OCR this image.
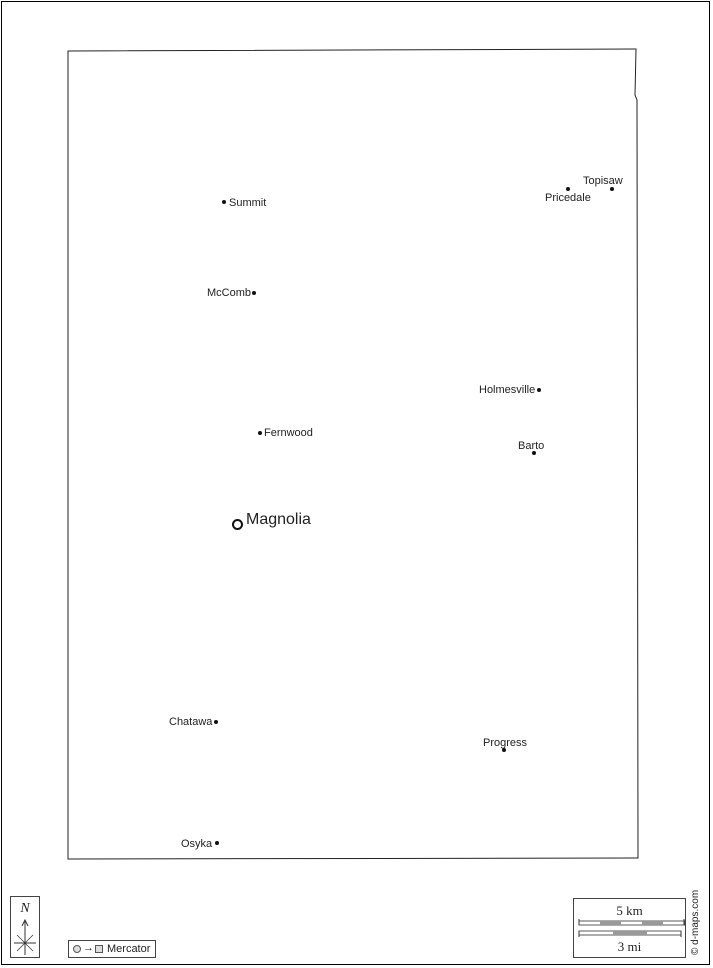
Magnolia
Summit
McComb
Fernwood
Chatawa
Osyka
Progress
Barto
Holmesville
Pricedale
Topisaw
N
→ Mercator
5 km
3 mi	© d-maps.com
